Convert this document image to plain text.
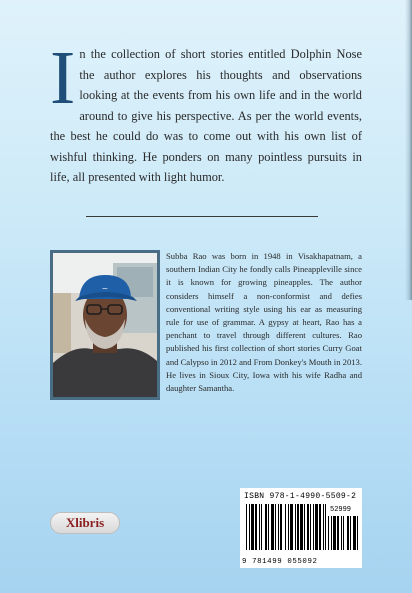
I n the collection of short stories entitled Dolphin Nose the author explores his thoughts and observations looking at the events from his own life and in the world around to give his perspective. As per the world events, the best he could do was to come out with his own list of wishful thinking. He ponders on many pointless pursuits in life, all presented with light humor.
~
Subba Rao was born in 1948 in Visakhapatnam, a southern Indian City he fondly calls Pineappleville since it is known for growing pineapples. The author considers himself a non-conformist and defies conventional writing style using his ear as measuring rule for use of grammar. A gypsy at heart, Rao has a penchant to travel through different cultures. Rao published his first collection of short stories Curry Goat and Calypso in 2012 and From Donkey's Mouth in 2013. He lives in Sioux City, Iowa with his wife Radha and daughter Samantha.
Xlibris
ISBN 978-1-4990-5509-2
52999
9 781499 055092
